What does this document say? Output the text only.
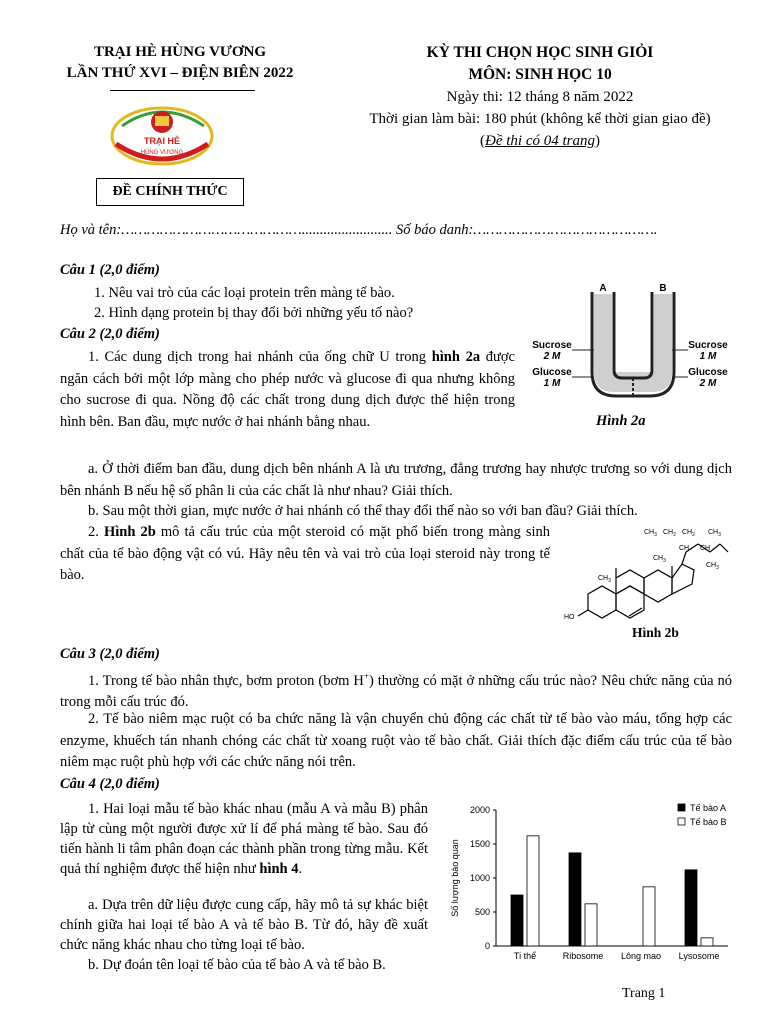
TRẠI HÈ HÙNG VƯƠNG
LẦN THỨ XVI – ĐIỆN BIÊN 2022
TRẠI HÈ
HÙNG VƯƠNG
ĐỀ CHÍNH THỨC
KỲ THI CHỌN HỌC SINH GIỎI
MÔN: SINH HỌC 10
Ngày thi: 12 tháng 8 năm 2022
Thời gian làm bài: 180 phút (không kể thời gian giao đề)
(Đề thi có 04 trang)
Họ và tên:……………………………………......................... Số báo danh:…………………………………….
Câu 1 (2,0 điểm)
1. Nêu vai trò của các loại protein trên màng tế bào.
2. Hình dạng protein bị thay đổi bởi những yếu tố nào?
Câu 2 (2,0 điểm)
1. Các dung dịch trong hai nhánh của ống chữ U trong hình 2a được ngăn cách bởi một lớp màng cho phép nước và glucose đi qua nhưng không cho sucrose đi qua. Nồng độ các chất trong dung dịch được thể hiện trong hình bên. Ban đầu, mực nước ở hai nhánh bằng nhau.
A	B
Sucrose
2 M
Glucose
1 M
Sucrose
1 M
Glucose
2 M
Hình 2a
a. Ở thời điểm ban đầu, dung dịch bên nhánh A là ưu trương, đẳng trương hay nhược trương so với dung dịch bên nhánh B nếu hệ số phân li của các chất là như nhau? Giải thích.
b. Sau một thời gian, mực nước ở hai nhánh có thể thay đổi thế nào so với ban đầu? Giải thích.
2. Hình 2b mô tả cấu trúc của một steroid có mặt phổ biến trong màng sinh chất của tế bào động vật có vú. Hãy nêu tên và vai trò của loại steroid này trong tế bào.
$CH_3$ $CH_2$ $CH_2$ $CH_3$
CH CH
$CH_3$
$CH_3$
$CH_3$
HO
Hình 2b
Câu 3 (2,0 điểm)
1. Trong tế bào nhân thực, bơm proton (bơm H+) thường có mặt ở những cấu trúc nào? Nêu chức năng của nó trong mỗi cấu trúc đó.
2. Tế bào niêm mạc ruột có ba chức năng là vận chuyển chủ động các chất từ tế bào vào máu, tổng hợp các enzyme, khuếch tán nhanh chóng các chất từ xoang ruột vào tế bào chất. Giải thích đặc điểm cấu trúc của tế bào niêm mạc ruột phù hợp với các chức năng nói trên.
Câu 4 (2,0 điểm)
1. Hai loại mẫu tế bào khác nhau (mẫu A và mẫu B) phân lập từ cùng một người được xử lí để phá màng tế bào. Sau đó tiến hành li tâm phân đoạn các thành phần trong từng mẫu. Kết quả thí nghiệm được thể hiện như hình 4.
a. Dựa trên dữ liệu được cung cấp, hãy mô tả sự khác biệt chính giữa hai loại tế bào A và tế bào B. Từ đó, hãy đề xuất chức năng khác nhau cho từng loại tế bào.
b. Dự đoán tên loại tế bào của tế bào A và tế bào B.
0
500
1000
1500
2000
Số lượng bào quan
Ti thể	Ribosome Lông mao Lysosome
Tế bào A
Tế bào B
Trang 1
